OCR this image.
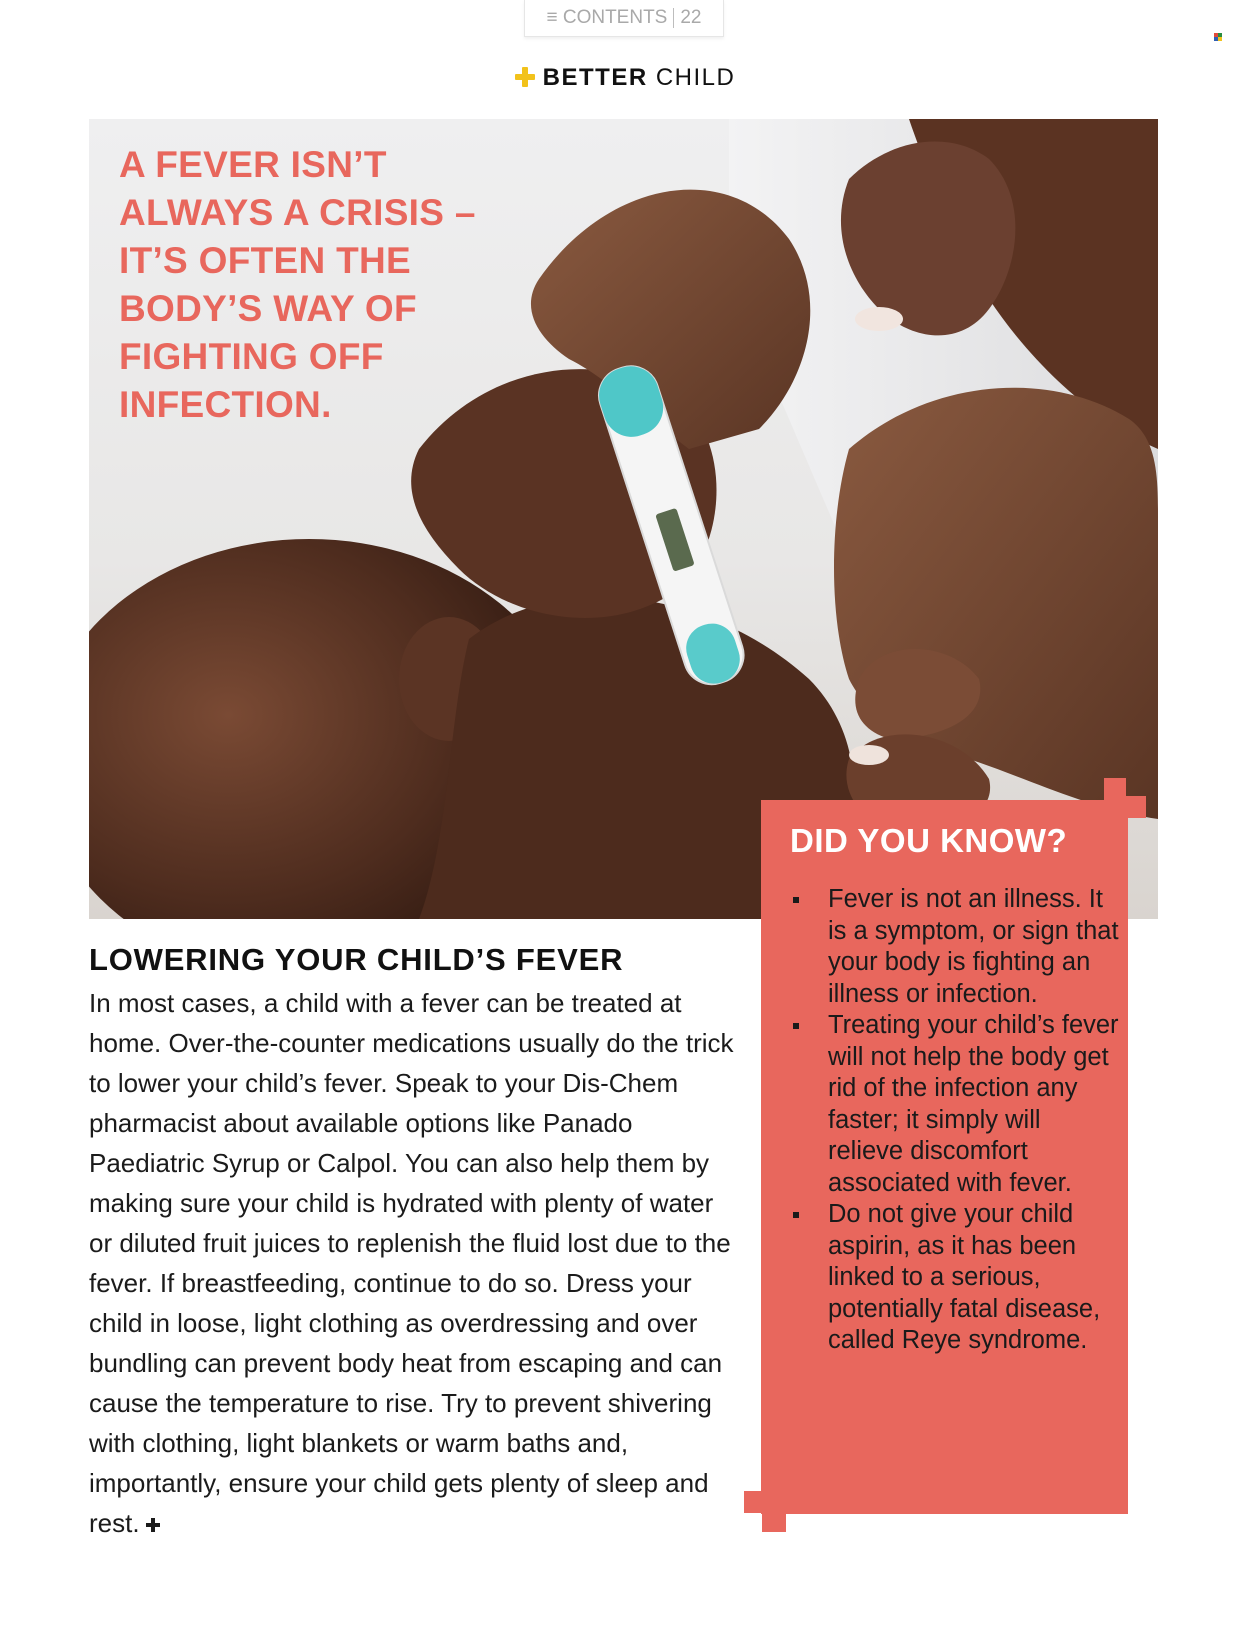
≡ CONTENTS 22
BETTER CHILD

A FEVER ISN’T ALWAYS A CRISIS – IT’S OFTEN THE BODY’S WAY OF FIGHTING OFF INFECTION.

DID YOU KNOW?
Fever is not an illness. It is a symptom, or sign that your body is fighting an illness or infection.
Treating your child’s fever will not help the body get rid of the infection any faster; it simply will relieve discomfort associated with fever.
Do not give your child aspirin, as it has been linked to a serious, potentially fatal disease, called Reye syndrome.
LOWERING YOUR CHILD’S FEVER

In most cases, a child with a fever can be treated at home. Over-the-counter medications usually do the trick to lower your child’s fever. Speak to your Dis-Chem pharmacist about available options like Panado Paediatric Syrup or Calpol. You can also help them by making sure your child is hydrated with plenty of water or diluted fruit juices to replenish the fluid lost due to the fever. If breastfeeding, continue to do so. Dress your child in loose, light clothing as overdressing and over bundling can prevent body heat from escaping and can cause the temperature to rise. Try to prevent shivering with clothing, light blankets or warm baths and, importantly, ensure your child gets plenty of sleep and rest.
